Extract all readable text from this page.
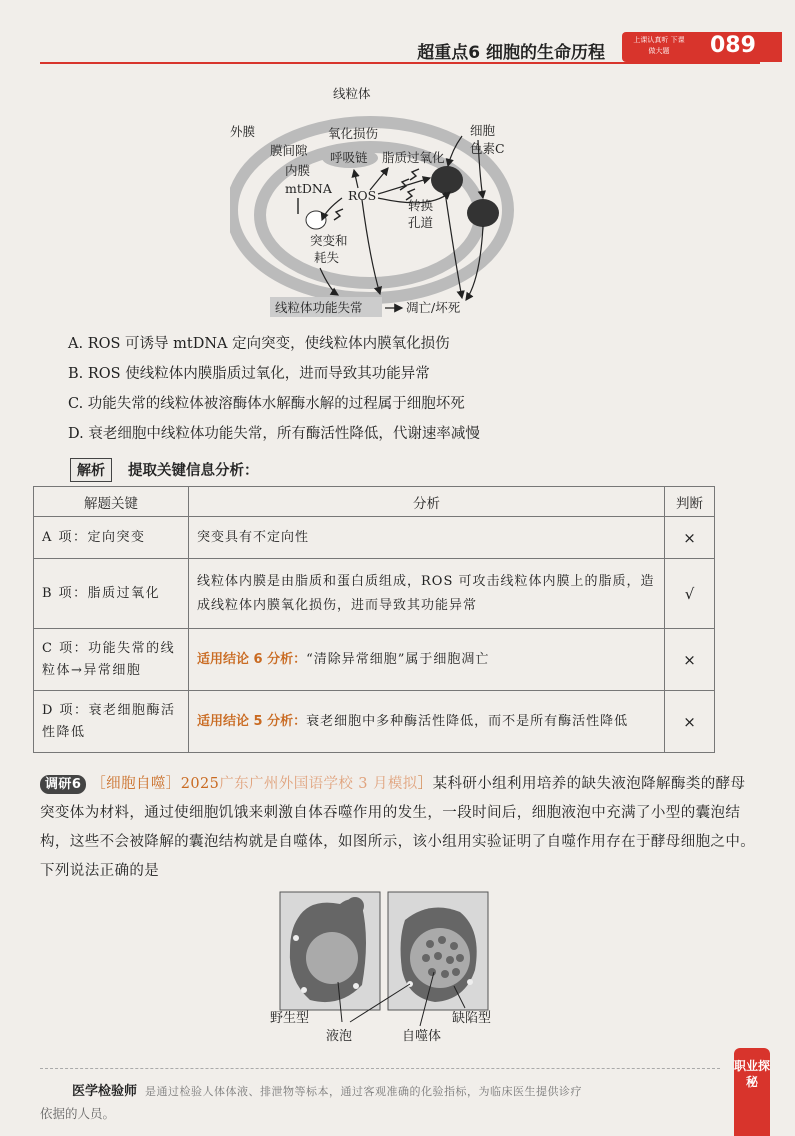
超重点6 细胞的生命历程
上课认真听 下课做大题	089
线粒体
外膜
膜间隙
内膜
mtDNA
氧化损伤
呼吸链 脂质过氧化
细胞
色素C
ROS
转换
孔道
突变和
耗失
线粒体功能失常	凋亡/坏死
A. ROS 可诱导 mtDNA 定向突变，使线粒体内膜氧化损伤
B. ROS 使线粒体内膜脂质过氧化，进而导致其功能异常
C. 功能失常的线粒体被溶酶体水解酶水解的过程属于细胞坏死
D. 衰老细胞中线粒体功能失常，所有酶活性降低，代谢速率减慢
解析	提取关键信息分析：
解题关键	分析	判断
A 项：定向突变	突变具有不定向性	×
B 项：脂质过氧化	线粒体内膜是由脂质和蛋白质组成，ROS 可攻击线粒体内膜上的脂质，造成线粒体内膜氧化损伤，进而导致其功能异常	√
C 项：功能失常的线粒体→异常细胞	适用结论 6 分析：“清除异常细胞”属于细胞凋亡	×
D 项：衰老细胞酶活性降低	适用结论 5 分析：衰老细胞中多种酶活性降低，而不是所有酶活性降低	×
调研6 ［细胞自噬］2025广东广州外国语学校 3 月模拟］某科研小组利用培养的缺失液泡降解酶类的酵母突变体为材料，通过使细胞饥饿来刺激自体吞噬作用的发生，一段时间后，细胞液泡中充满了小型的囊泡结构，这些不会被降解的囊泡结构就是自噬体，如图所示，该小组用实验证明了自噬作用存在于酵母细胞之中。下列说法正确的是
野生型	缺陷型
液泡	自噬体
医学检验师 是通过检验人体体液、排泄物等标本，通过客观准确的化验指标，为临床医生提供诊疗
依据的人员。
职业探秘
